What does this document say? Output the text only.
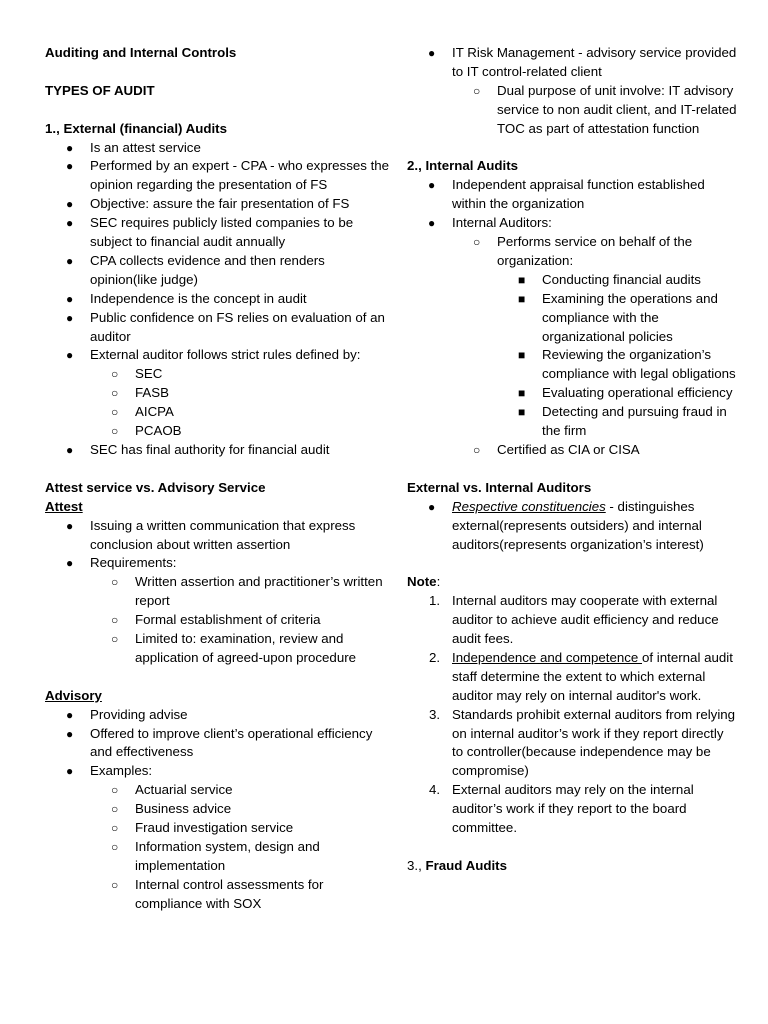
Auditing and Internal Controls
TYPES OF AUDIT
1., External (financial) Audits
● Is an attest service
● Performed by an expert - CPA - who expresses the opinion regarding the presentation of FS
● Objective: assure the fair presentation of FS
● SEC requires publicly listed companies to be subject to financial audit annually
● CPA collects evidence and then renders opinion(like judge)
● Independence is the concept in audit
● Public confidence on FS relies on evaluation of an auditor
● External auditor follows strict rules defined by:
○ SEC
○ FASB
○ AICPA
○ PCAOB
● SEC has final authority for financial audit
Attest service vs. Advisory Service
Attest
● Issuing a written communication that express conclusion about written assertion
● Requirements:
○ Written assertion and practitioner’s written report
○ Formal establishment of criteria
○ Limited to: examination, review and application of agreed-upon procedure
Advisory
● Providing advise
● Offered to improve client’s operational efficiency and effectiveness
● Examples:
○ Actuarial service
○ Business advice
○ Fraud investigation service
○ Information system, design and implementation
○ Internal control assessments for compliance with SOX
● IT Risk Management - advisory service provided to IT control-related client
○ Dual purpose of unit involve: IT advisory service to non audit client, and IT-related TOC as part of attestation function
2., Internal Audits
● Independent appraisal function established within the organization
● Internal Auditors:
○ Performs service on behalf of the organization:
■ Conducting financial audits
■ Examining the operations and compliance with the organizational policies
■ Reviewing the organization’s compliance with legal obligations
■ Evaluating operational efficiency
■ Detecting and pursuing fraud in the firm
○ Certified as CIA or CISA
External vs. Internal Auditors
● Respective constituencies - distinguishes external(represents outsiders) and internal auditors(represents organization’s interest)
Note:
1. Internal auditors may cooperate with external auditor to achieve audit efficiency and reduce audit fees.
2. Independence and competence of internal audit staff determine the extent to which external auditor may rely on internal auditor's work.
3. Standards prohibit external auditors from relying on internal auditor’s work if they report directly to controller(because independence may be compromise)
4. External auditors may rely on the internal auditor’s work if they report to the board committee.
3., Fraud Audits
